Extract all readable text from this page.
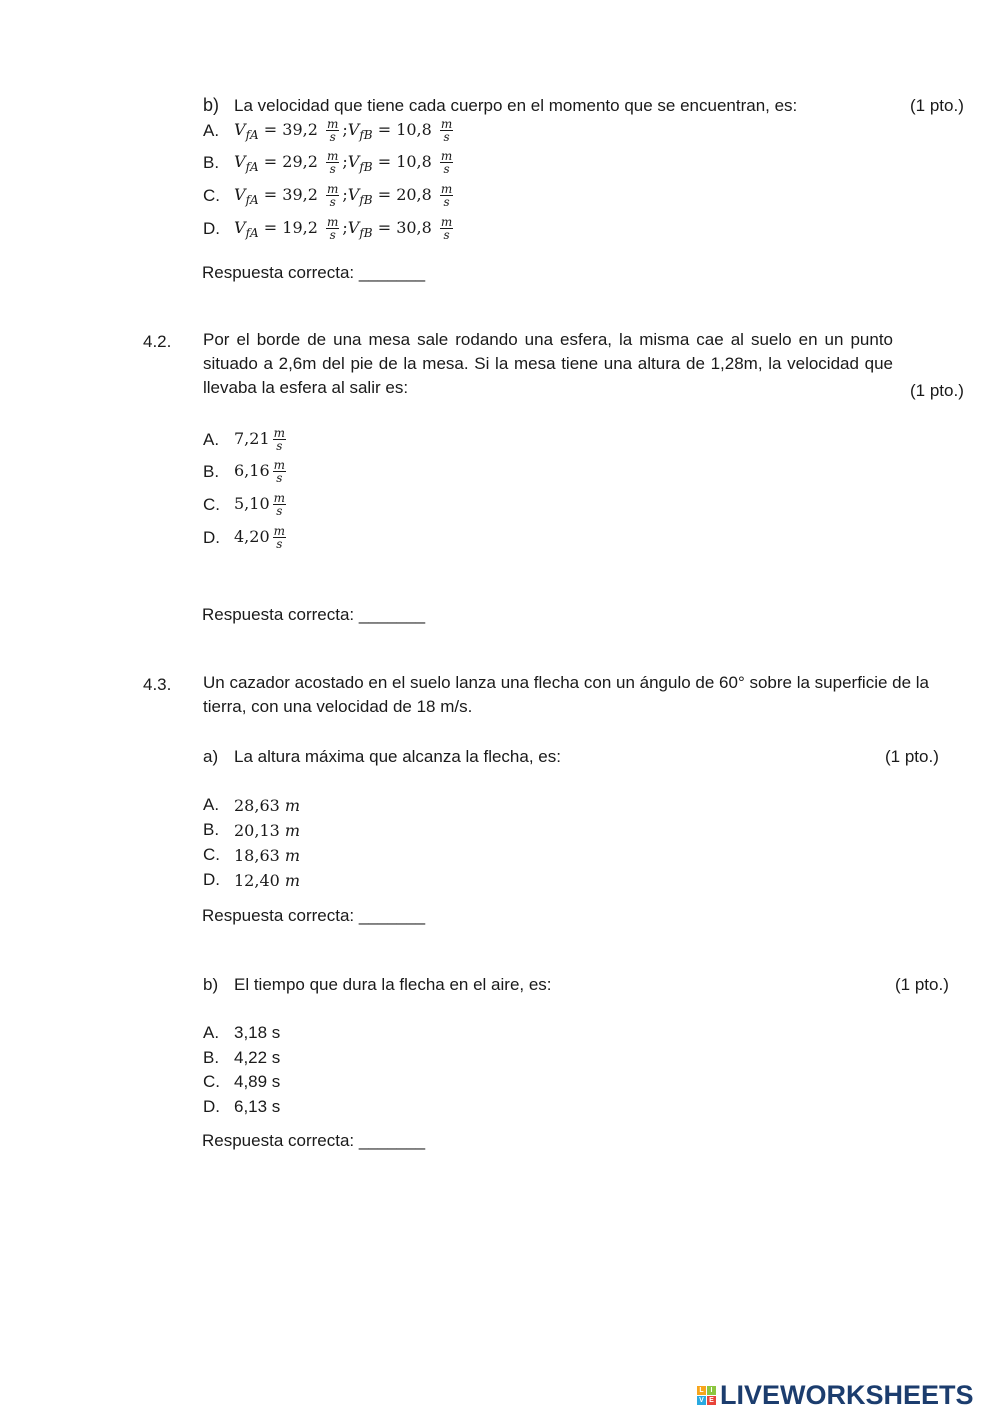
b) La velocidad que tiene cada cuerpo en el momento que se encuentran, es:	(1 pto.)
A. $V_{fA} = 39,2 \frac{m}{s}$ $;V_{fB} = 10,8 \frac{m}{s}$
B. $V_{fA} = 29,2 \frac{m}{s}$ $;V_{fB} = 10,8 \frac{m}{s}$
C. $V_{fA} = 39,2 \frac{m}{s}$ $;V_{fB} = 20,8 \frac{m}{s}$
D. $V_{fA} = 19,2 \frac{m}{s}$ $;V_{fB} = 30,8 \frac{m}{s}$
Respuesta correcta: _______
4.2. Por el borde de una mesa sale rodando una esfera, la misma cae al suelo en un punto situado a 2,6m del pie de la mesa. Si la mesa tiene una altura de 1,28m, la velocidad que llevaba la esfera al salir es:	(1 pto.)
A. $7,21 \frac{m}{s}$
B. $6,16 \frac{m}{s}$
C. $5,10 \frac{m}{s}$
D. $4,20 \frac{m}{s}$
Respuesta correcta: _______
4.3. Un cazador acostado en el suelo lanza una flecha con un ángulo de 60° sobre la superficie de la tierra, con una velocidad de 18 m/s.
a) La altura máxima que alcanza la flecha, es:	(1 pto.)
A. 28,63 m
B. 20,13 m
C. 18,63 m
D. 12,40 m
Respuesta correcta: _______
b) El tiempo que dura la flecha en el aire, es:	(1 pto.)
A. 3,18 s
B. 4,22 s
C. 4,89 s
D. 6,13 s
Respuesta correcta: _______
L I
V E LIVEWORKSHEETS
